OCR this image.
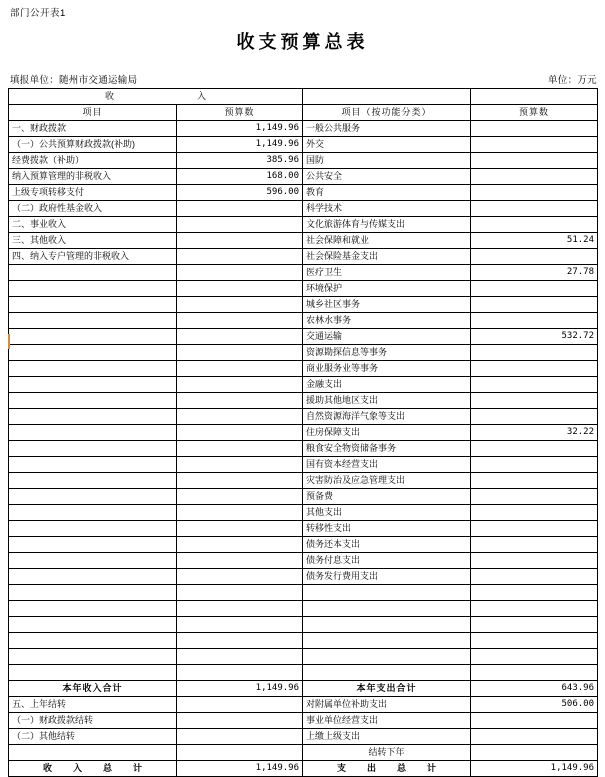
部门公开表1
收支预算总表
填报单位：随州市交通运输局	单位：万元
收　　　入			
项目	预算数	项目（按功能分类）	预算数
一、财政拨款	1,149.96	一般公共服务	
（一）公共预算财政拨款(补助)	1,149.96	外交	
经费拨款（补助）	385.96	国防	
纳入预算管理的非税收入	168.00	公共安全	
上级专项转移支付	596.00	教育	
（二）政府性基金收入		科学技术	
二、事业收入		文化旅游体育与传媒支出	
三、其他收入		社会保障和就业	51.24
四、纳入专户管理的非税收入		社会保险基金支出	
		医疗卫生	27.78
		环境保护	
		城乡社区事务	
		农林水事务	
		交通运输	532.72
		资源勘探信息等事务	
		商业服务业等事务	
		金融支出	
		援助其他地区支出	
		自然资源海洋气象等支出	
		住房保障支出	32.22
		粮食安全物资储备事务	
		国有资本经营支出	
		灾害防治及应急管理支出	
		预备费	
		其他支出	
		转移性支出	
		债务还本支出	
		债务付息支出	
		债务发行费用支出	

本年收入合计	1,149.96	本年支出合计	643.96
五、上年结转		对附属单位补助支出	506.00
（一）财政拨款结转		事业单位经营支出	
（二）其他结转		上缴上级支出	
		结转下年	
收　入　总　计	1,149.96	支　出　总　计	1,149.96
